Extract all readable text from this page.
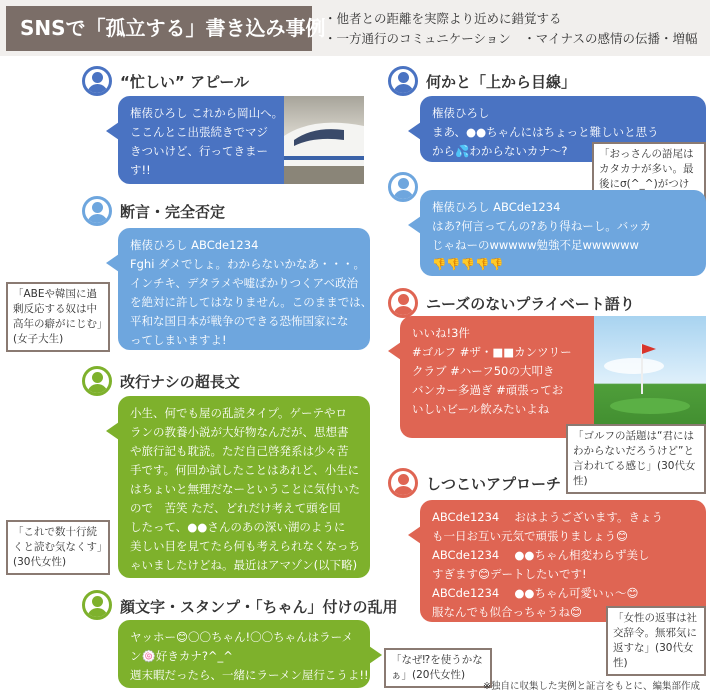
SNSで「孤立する」書き込み事例
・他者との距離を実際より近めに錯覚する
・一方通行のコミュニケーション　・マイナスの感情の伝播・増幅
“忙しい” アピール
権俵ひろし これから岡山へ。
ここんとこ出張続きでマジ
きついけど、行ってきまー
す!!
断言・完全否定
権俵ひろし ABCde1234
Fghi ダメでしょ。わからないかなあ・・・。
インチキ、デタラメや嘘ばかりつくアベ政治
を絶対に許してはなりません。このままでは、
平和な国日本が戦争のできる恐怖国家にな
ってしまいますよ!
「ABEや韓国に過剰反応する奴は中高年の癖がにじむ」(女子大生)
改行ナシの超長文
小生、何でも屋の乱読タイプ。ゲーテやロ
ランの教養小説が大好物なんだが、思想書
や旅行記も耽読。ただ自己啓発系は少々苦
手です。何回か試したことはあれど、小生に
はちょいと無理だなーということに気付いた
ので　苦笑 ただ、どれだけ考えて頭を回
したって、●●さんのあの深い湖のように
美しい目を見てたら何も考えられなくなっち
ゃいましたけどね。最近はアマゾン(以下略)
「これで数十行続くと読む気なくす」(30代女性)
顔文字・スタンプ・「ちゃん」付けの乱用
ヤッホー😊〇〇ちゃん!〇〇ちゃんはラーメ
ン🍥好きカナ?^_^
週末暇だったら、一緒にラーメン屋行こうよ!!
「なぜ⁉を使うかなぁ」(20代女性)
何かと「上から目線」
権俵ひろし
まあ、●●ちゃんにはちょっと難しいと思う
から💦わからないカナ〜?	「おっさんの語尾はカタカナが多い。最後にσ(^_^)がつけ
権俵ひろし ABCde1234
はあ?何言ってんの?あり得ねーし。バッカ
じゃねーのwwwww勉強不足wwwwww
👎👎👎👎👎
ニーズのないプライベート語り
いいね!3件
#ゴルフ #ザ・■■カンツリー
クラブ #ハーフ50の大叩き
バンカー多過ぎ #頑張ってお
いしいビール飲みたいよね
「ゴルフの話題は“君にはわからないだろうけど”と言われてる感じ」(30代女性)
しつこいアプローチ
ABCde1234　 おはようございます。きょう
も一日お互い元気で頑張りましょう😊
ABCde1234　 ●●ちゃん相変わらず美し
すぎます😊デートしたいです!
ABCde1234　 ●●ちゃん可愛いぃ〜😊
服なんでも似合っちゃうね😊	「女性の返事は社交辞令。無邪気に返すな」(30代女性)
※独自に収集した実例と証言をもとに、編集部作成
